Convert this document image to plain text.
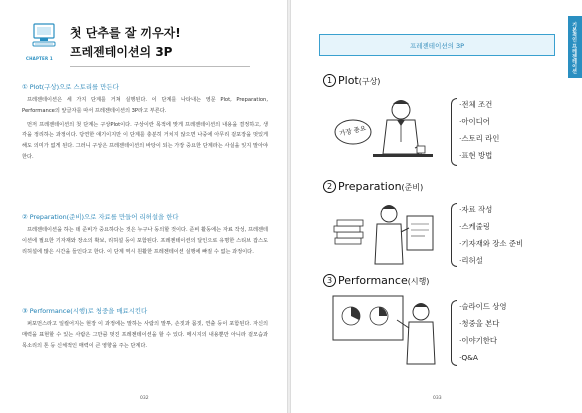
CHAPTER 1
첫 단추를 잘 끼우자!
프레젠테이션의 3P
① Plot(구상)으로 스토리를 만든다

프레젠테이션은 세 가지 단계를 거쳐 실행된다. 이 단계를 나타내는 영문 Plot, Preparation, Performance의 앞글자를 따서 프레젠테이션의 3P라고 부른다.

먼저 프레젠테이션의 첫 단계는 구상Plot이다. 구상이란 목적에 맞게 프레젠테이션의 내용을 결정하고, 생각을 정리하는 과정이다. 당연한 얘기이지만 이 단계를 충분히 거치지 않으면 나중에 아무리 겉포장을 멋있게 해도 의미가 없게 된다. 그러니 구상은 프레젠테이션의 바탕이 되는 가장 중요한 단계라는 사실을 잊지 말아야 한다.

② Preparation(준비)으로 자료를 만들어 리허설을 한다

프레젠테이션을 하는 데 준비가 중요하다는 것은 누구나 동의할 것이다. 준비 활동에는 자료 작성, 프레젠테이션에 필요한 기자재와 장소의 확보, 리허설 등이 포함된다. 프레젠테이션의 달인으로 유명한 스티브 잡스도 리허설에 많은 시간을 들인다고 한다. 이 단계 역시 원활한 프레젠테이션 실행에 빠질 수 없는 과정이다.

③ Performance(시행)로 청중을 매료시킨다

퍼포먼스라고 일컬어지는 현장 이 과정에는 말하는 사람의 말투, 손짓과 몸짓, 연출 등이 포함된다. 자신의 매력을 표현할 수 있는 사람은 그만큼 멋진 프레젠테이션을 할 수 있다. 메시지의 내용뿐만 아니라 겉모습과 목소리의 톤 등 신체적인 매력이 큰 영향을 주는 단계다.

032
기본적인 프레젠테이션
프레젠테이션의 3P
1 Plot(구상)
가장 중요
·전체 조건
·아이디어
·스토리 라인
·표현 방법
2 Preparation(준비)
·자료 작성
·스케줄링
·기자재와 장소 준비
·리허설
3 Performance(시행)
·슬라이드 상영
·청중을 본다
·이야기한다
·Q&A
033
